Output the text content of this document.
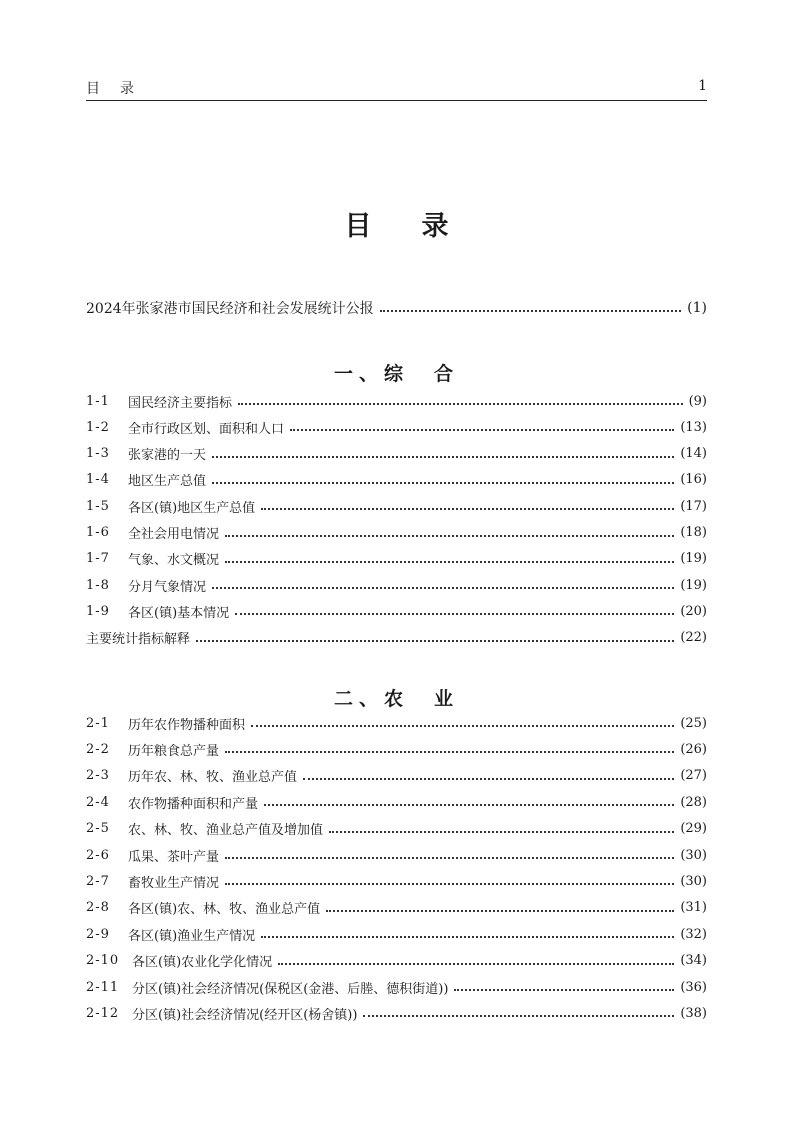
目录	1
目录
2024年张家港市国民经济和社会发展统计公报	(1)
一、综　合
1-1	国民经济主要指标	(9)
1-2	全市行政区划、面积和人口	(13)
1-3	张家港的一天	(14)
1-4	地区生产总值	(16)
1-5	各区(镇)地区生产总值	(17)
1-6	全社会用电情况	(18)
1-7	气象、水文概况	(19)
1-8	分月气象情况	(19)
1-9	各区(镇)基本情况	(20)
主要统计指标解释	(22)
二、农　业
2-1	历年农作物播种面积	(25)
2-2	历年粮食总产量	(26)
2-3	历年农、林、牧、渔业总产值	(27)
2-4	农作物播种面积和产量	(28)
2-5	农、林、牧、渔业总产值及增加值	(29)
2-6	瓜果、茶叶产量	(30)
2-7	畜牧业生产情况	(30)
2-8	各区(镇)农、林、牧、渔业总产值	(31)
2-9	各区(镇)渔业生产情况	(32)
2-10 各区(镇)农业化学化情况	(34)
2-11 分区(镇)社会经济情况(保税区(金港、后塍、德积街道))	(36)
2-12 分区(镇)社会经济情况(经开区(杨舍镇))	(38)
